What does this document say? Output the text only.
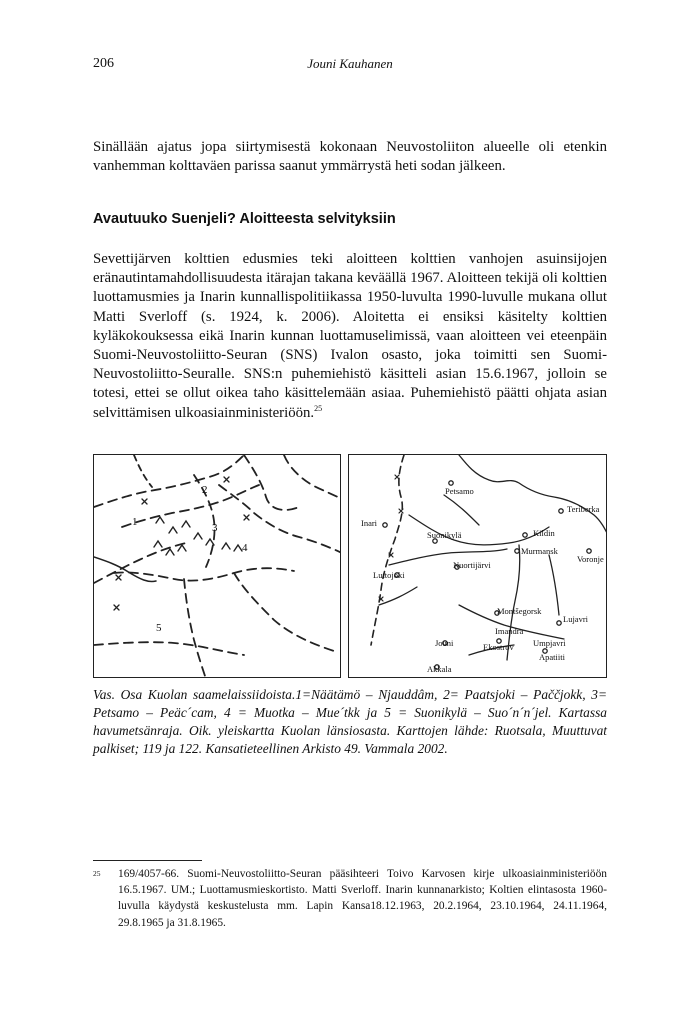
206	Jouni Kauhanen

Sinällään ajatus jopa siirtymisestä kokonaan Neuvostoliiton alueelle oli etenkin vanhemman kolttaväen parissa saanut ymmärrystä heti sodan jälkeen.

Avautuuko Suenjeli? Aloitteesta selvityksiin

Sevettijärven kolttien edusmies teki aloitteen kolttien vanhojen asuinsijojen eränautintamahdollisuudesta itärajan takana keväällä 1967. Aloitteen tekijä oli kolttien luottamusmies ja Inarin kunnallispolitiikassa 1950-luvulta 1990-luvulle mukana ollut Matti Sverloff (s. 1924, k. 2006). Aloitetta ei ensiksi käsitelty kolttien kyläkokouksessa eikä Inarin kunnan luottamuselimissä, vaan aloitteen vei eteenpäin Suomi-Neuvostoliitto-Seuran (SNS) Ivalon osasto, joka toimitti sen Suomi-Neuvostoliitto-Seuralle. SNS:n puhemiehistö käsitteli asian 15.6.1967, jolloin se totesi, ettei se ollut oikea taho käsittelemään asiaa. Puhemiehistö päätti ohjata asian selvittämisen ulkoasiainministeriöön.$^{25}$

1
2
3
4
5
Petsamo
Inari
Suonikylä
Nuortijärvi
Luttojoki
Teriberka
Kildin
Murmansk
Voronje
Montšegorsk
Lujavri
Imandra
Jouni	Ekostrov Umpjavri
Apatiiti
Akkala

Vas. Osa Kuolan saamelaissiidoista.1=Näätämö – Njauddâm, 2= Paatsjoki – Paččjokk, 3= Petsamo – Peäc´cam, 4 = Muotka – Mue´tkk ja 5 = Suonikylä – Suo´n´n´jel. Kartassa havumetsänraja. Oik. yleiskartta Kuolan länsiosasta. Karttojen lähde: Ruotsala, Muuttuvat palkiset; 119 ja 122. Kansatieteellinen Arkisto 49. Vammala 2002.

25 169/4057-66. Suomi-Neuvostoliitto-Seuran pääsihteeri Toivo Karvosen kirje ulkoasiainministeriöön 16.5.1967. UM.; Luottamusmieskortisto. Matti Sverloff. Inarin kunnanarkisto; Koltien elintasosta 1960-luvulla käydystä keskustelusta mm. Lapin Kansa18.12.1963, 20.2.1964, 23.10.1964, 24.11.1964, 29.8.1965 ja 31.8.1965.
